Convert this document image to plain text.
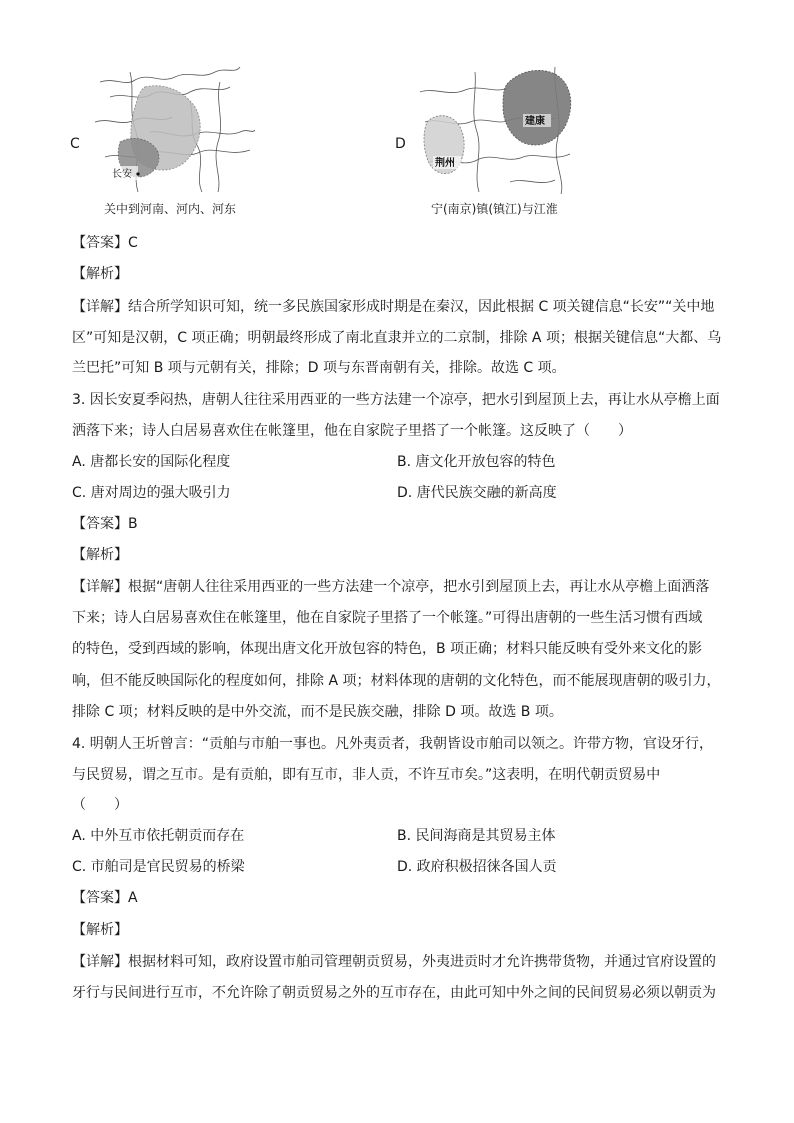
C
长安
关中到河南、河内、河东
D
建康
荆州
宁(南京)镇(镇江)与江淮
【答案】C
【解析】
【详解】结合所学知识可知，统一多民族国家形成时期是在秦汉，因此根据 C 项关键信息“长安”“关中地
区”可知是汉朝，C 项正确；明朝最终形成了南北直隶并立的二京制，排除 A 项；根据关键信息“大都、乌
兰巴托”可知 B 项与元朝有关，排除；D 项与东晋南朝有关，排除。故选 C 项。
3. 因长安夏季闷热，唐朝人往往采用西亚的一些方法建一个凉亭，把水引到屋顶上去，再让水从亭檐上面
洒落下来；诗人白居易喜欢住在帐篷里，他在自家院子里搭了一个帐篷。这反映了（　　）
A. 唐都长安的国际化程度	B. 唐文化开放包容的特色
C. 唐对周边的强大吸引力	D. 唐代民族交融的新高度
【答案】B
【解析】
【详解】根据“唐朝人往往采用西亚的一些方法建一个凉亭，把水引到屋顶上去，再让水从亭檐上面洒落
下来；诗人白居易喜欢住在帐篷里，他在自家院子里搭了一个帐篷。”可得出唐朝的一些生活习惯有西域
的特色，受到西域的影响，体现出唐文化开放包容的特色，B 项正确；材料只能反映有受外来文化的影
响，但不能反映国际化的程度如何，排除 A 项；材料体现的唐朝的文化特色，而不能展现唐朝的吸引力，
排除 C 项；材料反映的是中外交流，而不是民族交融，排除 D 项。故选 B 项。
4. 明朝人王圻曾言：“贡舶与市舶一事也。凡外夷贡者，我朝皆设市舶司以领之。许带方物，官设牙行，
与民贸易，谓之互市。是有贡舶，即有互市，非人贡，不许互市矣。”这表明，在明代朝贡贸易中
（　　）
A. 中外互市依托朝贡而存在	B. 民间海商是其贸易主体
C. 市舶司是官民贸易的桥梁	D. 政府积极招徕各国人贡
【答案】A
【解析】
【详解】根据材料可知，政府设置市舶司管理朝贡贸易，外夷进贡时才允许携带货物，并通过官府设置的
牙行与民间进行互市，不允许除了朝贡贸易之外的互市存在，由此可知中外之间的民间贸易必须以朝贡为
